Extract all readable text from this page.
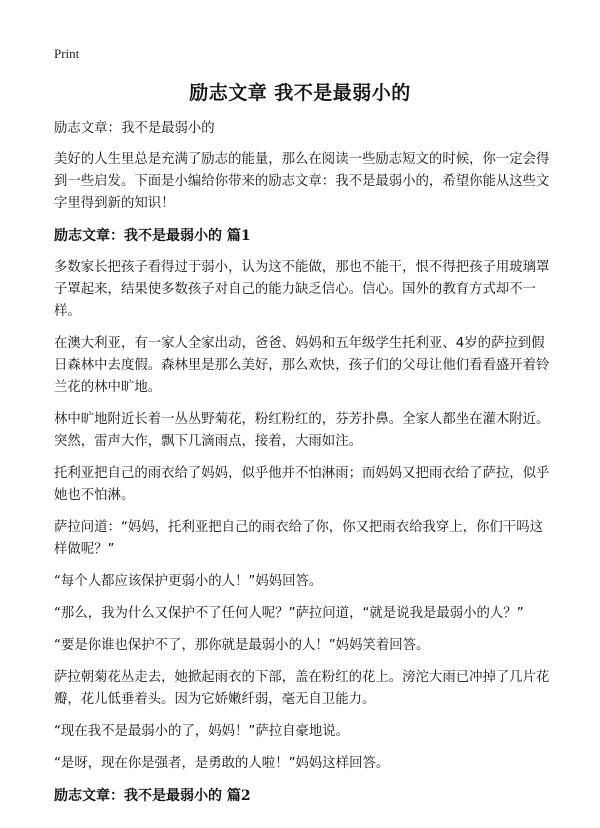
Print
励志文章 我不是最弱小的

励志文章：我不是最弱小的

美好的人生里总是充满了励志的能量，那么在阅读一些励志短文的时候，你一定会得到一些启发。下面是小编给你带来的励志文章：我不是最弱小的，希望你能从这些文字里得到新的知识！

励志文章：我不是最弱小的 篇1

多数家长把孩子看得过于弱小，认为这不能做，那也不能干，恨不得把孩子用玻璃罩子罩起来，结果使多数孩子对自己的能力缺乏信心。信心。国外的教育方式却不一样。

在澳大利亚，有一家人全家出动，爸爸、妈妈和五年级学生托利亚、4岁的萨拉到假日森林中去度假。森林里是那么美好，那么欢快，孩子们的父母让他们看看盛开着铃兰花的林中旷地。

林中旷地附近长着一丛丛野菊花，粉红粉红的，芬芳扑鼻。全家人都坐在灌木附近。突然，雷声大作，飘下几滴雨点，接着，大雨如注。

托利亚把自己的雨衣给了妈妈，似乎他并不怕淋雨；而妈妈又把雨衣给了萨拉，似乎她也不怕淋。

萨拉问道：“妈妈，托利亚把自己的雨衣给了你，你又把雨衣给我穿上，你们干吗这样做呢？”

“每个人都应该保护更弱小的人！”妈妈回答。

“那么，我为什么又保护不了任何人呢？”萨拉问道，“就是说我是最弱小的人？”

“要是你谁也保护不了，那你就是最弱小的人！”妈妈笑着回答。

萨拉朝菊花丛走去，她掀起雨衣的下部，盖在粉红的花上。滂沱大雨已冲掉了几片花瓣，花儿低垂着头。因为它娇嫩纤弱，毫无自卫能力。

“现在我不是最弱小的了，妈妈！”萨拉自豪地说。

“是呀，现在你是强者，是勇敢的人啦！”妈妈这样回答。

励志文章：我不是最弱小的 篇2
